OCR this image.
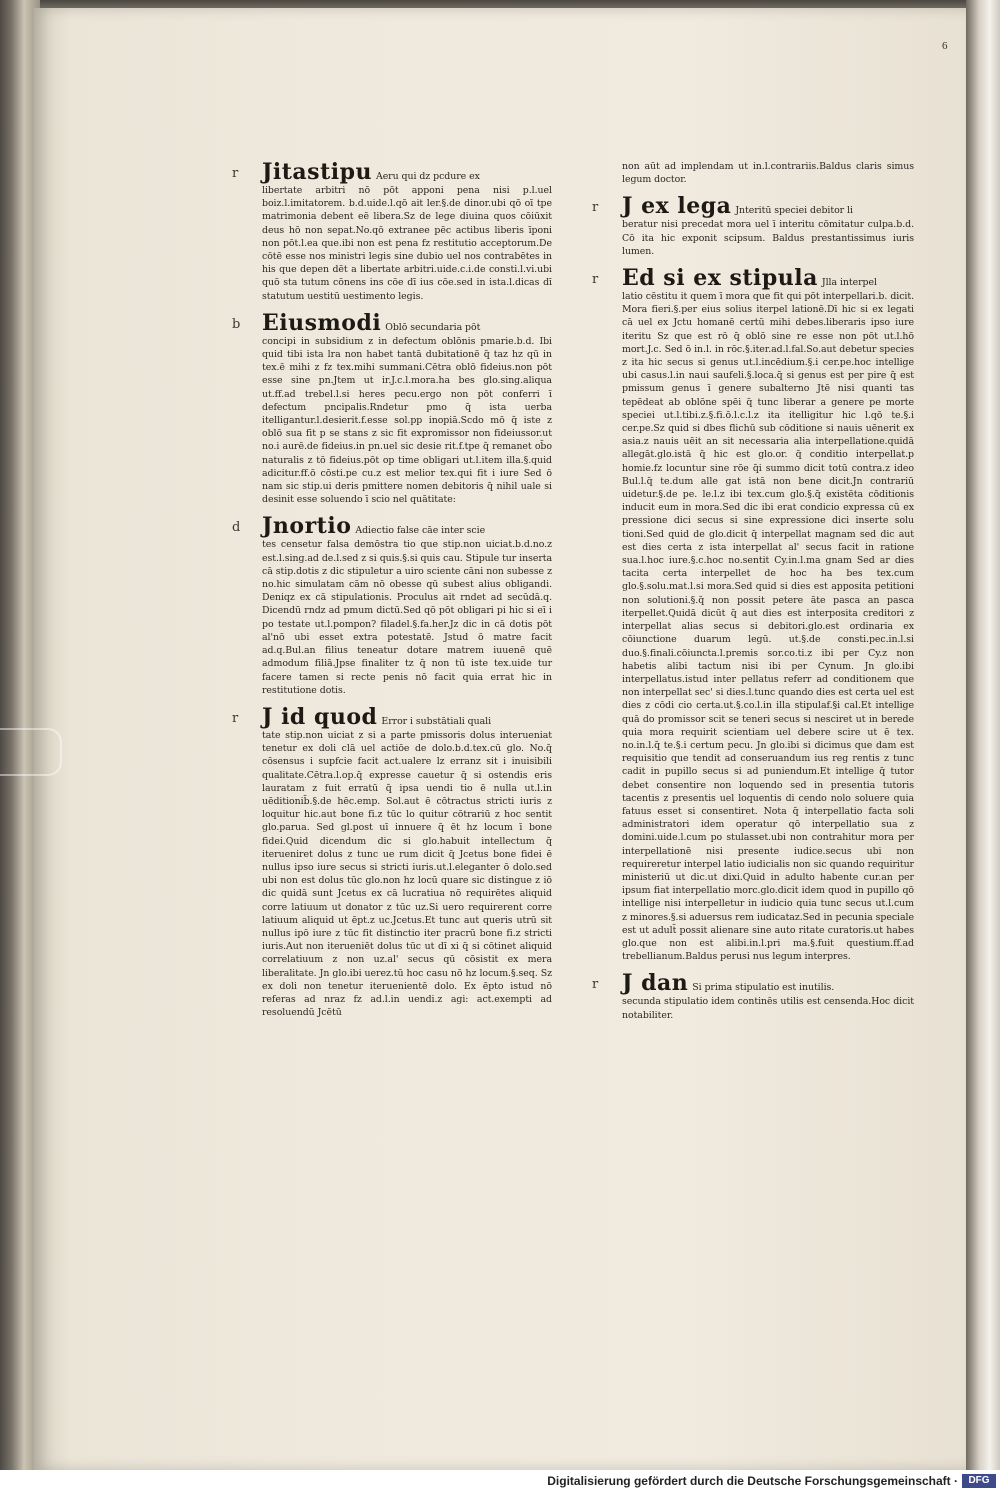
6
r Jitastipu Aeru qui dz pcdure ex
libertate arbitri nō pōt apponi pena nisi p.l.uel boiz.l.imitatorem. b.d.uide.l.qō ait ler.§.de dinor.ubi qō oī tpe matrimonia debent eē libera.Sz de lege diuina quos cōiūxit deus hō non sepat.No.qō extranee pēc actibus liberis īponi non pōt.l.ea que.ibi non est pena fz restitutio acceptorum.De cōtē esse nos ministri legis sine dubio uel nos contrabētes in his que depen dēt a libertate arbitri.uide.c.i.de consti.l.vi.ubi quō sta tutum cōnens ins cōe dī ius cōe.sed in ista.l.dicas dī statutum uestitū uestimento legis.

b Eiusmodi Oblō secundaria pōt
concipi in subsidium z in defectum oblōnis pmarie.b.d. Ibi quid tibi ista lra non habet tantā dubitationē q̄ taz hz qū in tex.ē mihi z fz tex.mihi summani.Cētra oblō fideius.non pōt esse sine pn.Jtem ut ir.J.c.l.mora.ha bes glo.sing.aliqua ut.ff.ad trebel.l.si heres pecu.ergo non pōt conferri ī defectum pncipalis.Rndetur pmo q̄ ista uerba itelligantur.l.desierit.f.esse sol.pp inopiā.Scdo mō q̄ iste z oblō sua fit p se stans z sic fit expromissor non fideiussor.ut no.i aurē.de fideius.in pn.uel sic desie rit.f.tpe q̄ remanet ob̄o naturalis z tō fideius.pōt op time obligari ut.l.item illa.§.quid adicitur.ff.ō cōsti.pe cu.z est melior tex.qui fit i iure Sed ō nam sic stip.ui deris pmittere nomen debitoris q̄ nihil uale si desinit esse soluendo ī scio nel quātitate:

d Jnortio Adiectio false cāe inter scie
tes censetur falsa demōstra tio que stip.non uiciat.b.d.no.z est.l.sing.ad de.l.sed z si quis.§.si quis cau. Stipule tur inserta cā stip.dotis z dic stipuletur a uiro sciente cāni non subesse z no.hic simulatam cām nō obesse qū subest alius obligandi. Deniqz ex cā stipulationis. Proculus ait rndet ad secūdā.q. Dicendū rndz ad pmum dictū.Sed qō pōt obligari pi hic si eī i po testate ut.l.pompon? filadel.§.fa.her.Jz dic in cā dotis pōt al'nō ubi esset extra potestatē. Jstud ō matre facit ad.q.Bul.an filius teneatur dotare matrem iuuenē quē admodum filiā.Jpse finaliter tz q̄ non tū iste tex.uide tur facere tamen si recte penis nō facit quia errat hic in restitutione dotis.

r J id quod Error i substātiali quali
tate stip.non uiciat z si a parte pmissoris dolus interueniat tenetur ex doli clā uel actiōe de dolo.b.d.tex.cū glo. No.q̄ cōsensus i supfcie facit act.ualere lz erranz sit i inuisibili qualitate.Cētra.l.op.q̄ expresse cauetur q̄ si ostendis eris lauratam z fuit erratū q̄ ipsa uendi tio ē nulla ut.l.in uēditionib̄.§.de hēc.emp. Sol.aut ē cōtractus stricti iuris z loquitur hic.aut bone fi.z tūc lo quitur cōtrariū z hoc sentit glo.parua. Sed gl.post uī innuere q̄ ēt hz locum ī bone fidei.Quid dicendum dic si glo.habuit intellectum q̄ iterueniret dolus z tunc ue rum dicit q̄ Jcetus bone fidei ē nullus ipso iure secus si stricti iuris.ut.l.eleganter ō dolo.sed ubi non est dolus tūc glo.non hz locū quare sic distingue z iō dic quidā sunt Jcetus ex cā lucratiua nō requirētes aliquid corre latiuum ut donator z tūc uz.Si uero requirerent corre latiuum aliquid ut ēpt.z uc.Jcetus.Et tunc aut queris utrū sit nullus ipō iure z tūc fit distinctio iter pracrū bone fi.z stricti iuris.Aut non iterueniēt dolus tūc ut dī xi q̄ si cōtinet aliquid correlatiuum z non uz.al' secus qū cōsistit ex mera liberalitate. Jn glo.ibi uerez.tū hoc casu nō hz locum.§.seq. Sz ex doli non tenetur iteruenientē dolo. Ex ēpto istud nō referas ad nraz fz ad.l.in uendi.z agi: act.exempti ad resoluendū Jcētū

non aūt ad implendam ut in.l.contrariis.Baldus claris simus legum doctor.

r J ex lega Jnteritū speciei debitor li
beratur nisi precedat mora uel ī interitu cōmitatur culpa.b.d. Cō ita hic exponit scipsum. Baldus prestantissimus iuris lumen.

r Ed si ex stipula Jlla interpel
latio cēstitu it quem ī mora que fit qui pōt interpellari.b. dicit. Mora fieri.§.per eius solius iterpel lationē.Dī hic si ex legati cā uel ex Jctu homanē certū mihi debes.liberaris ipso iure iteritu Sz que est rō q̄ oblō sine re esse non pōt ut.l.hō mort.J.c. Sed ō in.l. in rōc.§.iter.ad.l.fal.So.aut debetur species z ita hic secus si genus ut.l.incēdium.§.i cer.pe.hoc intellige ubi casus.l.in naui saufeli.§.loca.q̄ si genus est per pire q̄ est pmissum genus ī genere subalterno Jtē nisi quanti tas tepēdeat ab oblōne spēi q̄ tunc liberar a genere pe morte speciei ut.l.tibi.z.§.fi.ō.l.c.l.z ita itelligitur hic l.qō te.§.i cer.pe.Sz quid si dbes flichū sub cōditione si nauis uēnerit ex asia.z nauis uēit an sit necessaria alia interpellatione.quidā allegāt.glo.istā q̄ hic est glo.or. q̄ conditio interpellat.p homie.fz locuntur sine rōe q̄i summo dicit totū contra.z ideo Bul.l.q̄ te.dum alle gat istā non bene dicit.Jn contrariū uidetur.§.de pe. le.l.z ibi tex.cum glo.§.q̄ existēta cōditionis inducit eum in mora.Sed dic ibi erat condicio expressa cū ex pressione dici secus si sine expressione dici inserte solu tioni.Sed quid de glo.dicit q̄ interpellat magnam sed dic aut est dies certa z ista interpellat al' secus facit in ratione sua.l.hoc iure.§.c.hoc no.sentit Cy.in.l.ma gnam Sed ar dies tacita certa interpellet de hoc ha bes tex.cum glo.§.solu.mat.l.si mora.Sed quid si dies est apposita petitioni non solutioni.§.q̄ non possit petere āte pasca an pasca iterpellet.Quidā dicūt q̄ aut dies est interposita creditori z interpellat alias secus si debitori.glo.est ordinaria ex cōiunctione duarum legū. ut.§.de consti.pec.in.l.si duo.§.finali.cōiuncta.l.premis sor.co.ti.z ibi per Cy.z non habetis alibi tactum nisi ibi per Cynum. Jn glo.ibi interpellatus.istud inter pellatus referr ad conditionem que non interpellat sec' si dies.l.tunc quando dies est certa uel est dies z cōdi cio certa.ut.§.co.l.in illa stipulaf.§i cal.Et intellige quā do promissor scit se teneri secus si nesciret ut in berede quia mora requirit scientiam uel debere scire ut ē tex. no.in.l.q̄ te.§.i certum pecu. Jn glo.ibi si dicimus que dam est requisitio que tendit ad conseruandum ius reg rentis z tunc cadit in pupillo secus si ad puniendum.Et intellige q̄ tutor debet consentire non loquendo sed in presentia tutoris tacentis z presentis uel loquentis di cendo nolo soluere quia fatuus esset si consentiret. Nota q̄ interpellatio facta soli administratori idem operatur qō interpellatio sua z domini.uide.l.cum po stulasset.ubi non contrahitur mora per interpellationē nisi presente iudice.secus ubi non requireretur interpel latio iudicialis non sic quando requiritur ministeriū ut dic.ut dixi.Quid in adulto habente cur.an per ipsum fiat interpellatio morc.glo.dicit idem quod in pupillo qō intellige nisi interpelletur in iudicio quia tunc secus ut.l.cum z minores.§.si aduersus rem iudicataz.Sed in pecunia speciale est ut adult̄ possit alienare sine auto ritate curatoris.ut habes glo.que non est alibi.in.l.pri ma.§.fuit questium.ff.ad trebellianum.Baldus perusi nus legum interpres.

r J dan Si prima stipulatio est inutilis.
secunda stipulatio idem continēs utilis est censenda.Hoc dicit notabiliter.

Digitalisierung gefördert durch die Deutsche Forschungsgemeinschaft ·	DFG
